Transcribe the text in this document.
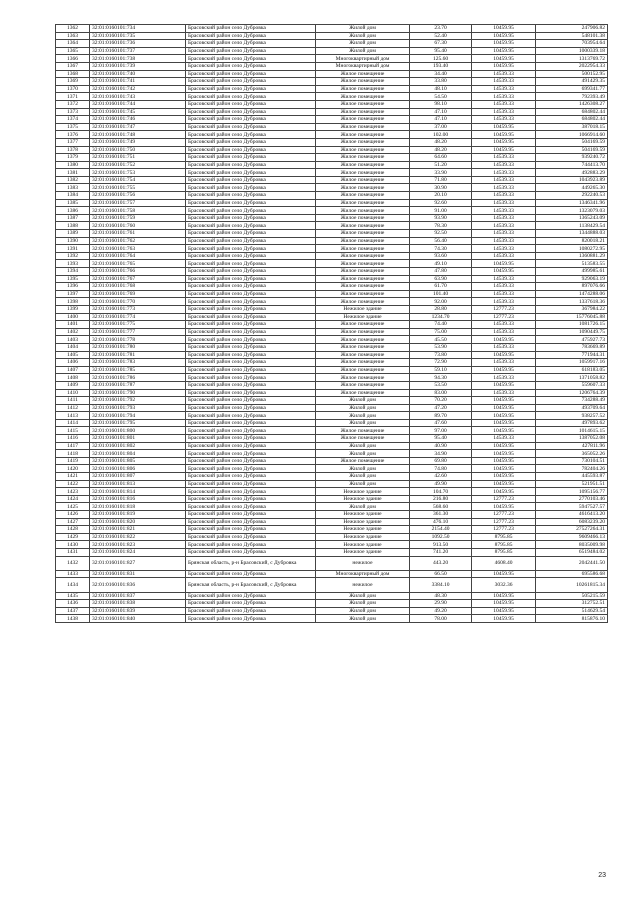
1362	32:01:0160101:734	Брасовский район село Дубровка	Жилой дом	23.70	10459.95	247906.82
1363	32:01:0160101:735	Брасовский район село Дубровка	Жилой дом	52.40	10459.95	548101.38
1364	32:01:0160101:736	Брасовский район село Дубровка	Жилой дом	67.30	10459.95	703954.64
1365	32:01:0160101:737	Брасовский район село Дубровка	Жилой дом	95.40	10459.95	1000339.18
1366	32:01:0160101:738	Брасовский район село Дубровка	Многоквартирный дом	125.60	10459.95	1313769.72
1367	32:01:0160101:739	Брасовский район село Дубровка	Многоквартирный дом	193.40	10459.95	2022954.33
1368	32:01:0160101:740	Брасовский район село Дубровка	Жилое помещение	34.40	14539.33	500152.95
1369	32:01:0160101:741	Брасовский район село Дубровка	Жилое помещение	33.80	14539.33	491429.35
1370	32:01:0160101:742	Брасовский район село Дубровка	Жилое помещение	48.10	14539.33	699341.77
1371	32:01:0160101:743	Брасовский район село Дубровка	Жилое помещение	54.50	14539.33	792393.49
1372	32:01:0160101:744	Брасовский район село Дубровка	Жилое помещение	98.10	14539.33	1426308.27
1373	32:01:0160101:745	Брасовский район село Дубровка	Жилое помещение	47.10	14539.33	684802.44
1374	32:01:0160101:746	Брасовский район село Дубровка	Жилое помещение	47.10	14539.33	684802.44
1375	32:01:0160101:747	Брасовский район село Дубровка	Жилое помещение	37.00	10459.95	387018.15
1376	32:01:0160101:748	Брасовский район село Дубровка	Жилое помещение	102.00	10459.95	1066914.60
1377	32:01:0160101:749	Брасовский район село Дубровка	Жилое помещение	48.20	10459.95	504169.59
1378	32:01:0160101:750	Брасовский район село Дубровка	Жилое помещение	48.20	10459.95	504169.59
1379	32:01:0160101:751	Брасовский район село Дубровка	Жилое помещение	64.60	14539.33	939240.72
1380	32:01:0160101:752	Брасовский район село Дубровка	Жилое помещение	51.20	14539.33	744413.70
1381	32:01:0160101:753	Брасовский район село Дубровка	Жилое помещение	33.90	14539.33	492883.29
1382	32:01:0160101:754	Брасовский район село Дубровка	Жилое помещение	71.80	14539.33	1043923.89
1383	32:01:0160101:755	Брасовский район село Дубровка	Жилое помещение	30.90	14539.33	449265.30
1384	32:01:0160101:756	Брасовский район село Дубровка	Жилое помещение	20.10	14539.33	292240.53
1385	32:01:0160101:757	Брасовский район село Дубровка	Жилое помещение	92.60	14539.33	1346341.96
1386	32:01:0160101:758	Брасовский район село Дубровка	Жилое помещение	91.00	14539.33	1323079.03
1387	32:01:0160101:759	Брасовский район село Дубровка	Жилое помещение	93.90	14539.33	1365243.09
1388	32:01:0160101:760	Брасовский район село Дубровка	Жилое помещение	78.30	14539.33	1138429.54
1389	32:01:0160101:761	Брасовский район село Дубровка	Жилое помещение	92.50	14539.33	1344888.03
1390	32:01:0160101:762	Брасовский район село Дубровка	Жилое помещение	56.40	14539.33	820018.21
1391	32:01:0160101:763	Брасовский район село Дубровка	Жилое помещение	74.30	14539.33	1080272.95
1392	32:01:0160101:764	Брасовский район село Дубровка	Жилое помещение	93.60	14539.33	1360881.29
1393	32:01:0160101:765	Брасовский район село Дубровка	Жилое помещение	49.10	10459.95	513583.55
1394	32:01:0160101:766	Брасовский район село Дубровка	Жилое помещение	47.80	10459.95	499985.61
1395	32:01:0160101:767	Брасовский район село Дубровка	Жилое помещение	63.90	14539.33	929063.19
1396	32:01:0160101:768	Брасовский район село Дубровка	Жилое помещение	61.70	14539.33	897076.66
1397	32:01:0160101:769	Брасовский район село Дубровка	Жилое помещение	101.40	14539.33	1474288.06
1398	32:01:0160101:770	Брасовский район село Дубровка	Жилое помещение	92.00	14539.33	1337618.36
1399	32:01:0160101:773	Брасовский район село Дубровка	Нежилое здание	28.80	12777.23	367984.22
1400	32:01:0160101:774	Брасовский район село Дубровка	Нежилое здание	1234.70	12777.23	15776045.88
1401	32:01:0160101:775	Брасовский район село Дубровка	Жилое помещение	74.40	14539.33	1081726.15
1402	32:01:0160101:777	Брасовский район село Дубровка	Жилое помещение	75.00	14539.33	1090449.75
1403	32:01:0160101:778	Брасовский район село Дубровка	Жилое помещение	45.50	10459.95	475927.73
1404	32:01:0160101:780	Брасовский район село Дубровка	Жилое помещение	53.90	14539.33	783669.89
1405	32:01:0160101:781	Брасовский район село Дубровка	Жилое помещение	73.80	10459.95	771944.31
1406	32:01:0160101:783	Брасовский район село Дубровка	Жилое помещение	72.90	14539.33	1059917.16
1407	32:01:0160101:785	Брасовский район село Дубровка	Жилое помещение	59.10	10459.95	618183.05
1408	32:01:0160101:786	Брасовский район село Дубровка	Жилое помещение	94.30	14539.33	1371058.82
1409	32:01:0160101:787	Брасовский район село Дубровка	Жилое помещение	53.50	10459.95	559607.33
1410	32:01:0160101:790	Брасовский район село Дубровка	Жилое помещение	83.00	14539.33	1206764.39
1411	32:01:0160101:792	Брасовский район село Дубровка	Жилой дом	70.20	10459.95	734288.49
1412	32:01:0160101:793	Брасовский район село Дубровка	Жилой дом	47.20	10459.95	493709.64
1413	32:01:0160101:794	Брасовский район село Дубровка	Жилой дом	89.70	10459.95	938257.52
1414	32:01:0160101:795	Брасовский район село Дубровка	Жилой дом	47.60	10459.95	497893.62
1415	32:01:0160101:800	Брасовский район село Дубровка	Жилое помещение	97.00	10459.95	1014615.15
1416	32:01:0160101:801	Брасовский район село Дубровка	Жилое помещение	95.40	14539.33	1387052.08
1417	32:01:0160101:802	Брасовский район село Дубровка	Жилой дом	40.90	10459.95	427811.96
1418	32:01:0160101:804	Брасовский район село Дубровка	Жилой дом	34.90	10459.95	365052.26
1419	32:01:0160101:805	Брасовский район село Дубровка	Жилое помещение	69.80	10459.95	730104.51
1420	32:01:0160101:806	Брасовский район село Дубровка	Жилой дом	74.80	10459.95	782404.26
1421	32:01:0160101:807	Брасовский район село Дубровка	Жилой дом	42.60	10459.95	445593.87
1422	32:01:0160101:813	Брасовский район село Дубровка	Жилой дом	49.90	10459.95	521951.51
1423	32:01:0160101:814	Брасовский район село Дубровка	Нежилое здание	104.70	10459.95	1095156.77
1424	32:01:0160101:816	Брасовский район село Дубровка	Нежилое здание	216.80	12777.23	2770103.46
1425	32:01:0160101:818	Брасовский район село Дубровка	Жилой дом	568.60	10459.95	5947527.57
1426	32:01:0160101:819	Брасовский район село Дубровка	Нежилое здание	361.30	12777.23	4616413.20
1427	32:01:0160101:820	Брасовский район село Дубровка	Нежилое здание	476.10	12777.23	6083239.20
1428	32:01:0160101:821	Брасовский район село Дубровка	Нежилое здание	2154.40	12777.23	27527264.31
1429	32:01:0160101:822	Брасовский район село Дубровка	Нежилое здание	1092.50	8795.85	9609466.13
1430	32:01:0160101:823	Брасовский район село Дубровка	Нежилое здание	913.50	8795.85	8035009.98
1431	32:01:0160101:824	Брасовский район село Дубровка	Нежилое здание	741.20	8795.85	6519484.02
1432	32:01:0160101:827	Брянская область, р-н Брасовский, с Дубровка	нежилое	443.20	4608.40	2042441.50
1433	32:01:0160101:831	Брасовский район село Дубровка	Многоквартирный дом	66.50	10459.95	695586.68
1434	32:01:0160101:836	Брянская область, р-н Брасовский, с Дубровка	нежилое	3384.10	3032.36	10261815.34
1435	32:01:0160101:837	Брасовский район село Дубровка	Жилой дом	48.30	10459.95	505215.59
1436	32:01:0160101:838	Брасовский район село Дубровка	Жилой дом	29.90	10459.95	312752.51
1437	32:01:0160101:839	Брасовский район село Дубровка	Жилой дом	49.20	10459.95	514629.54
1438	32:01:0160101:840	Брасовский район село Дубровка	Жилой дом	78.00	10459.95	815876.10
23
